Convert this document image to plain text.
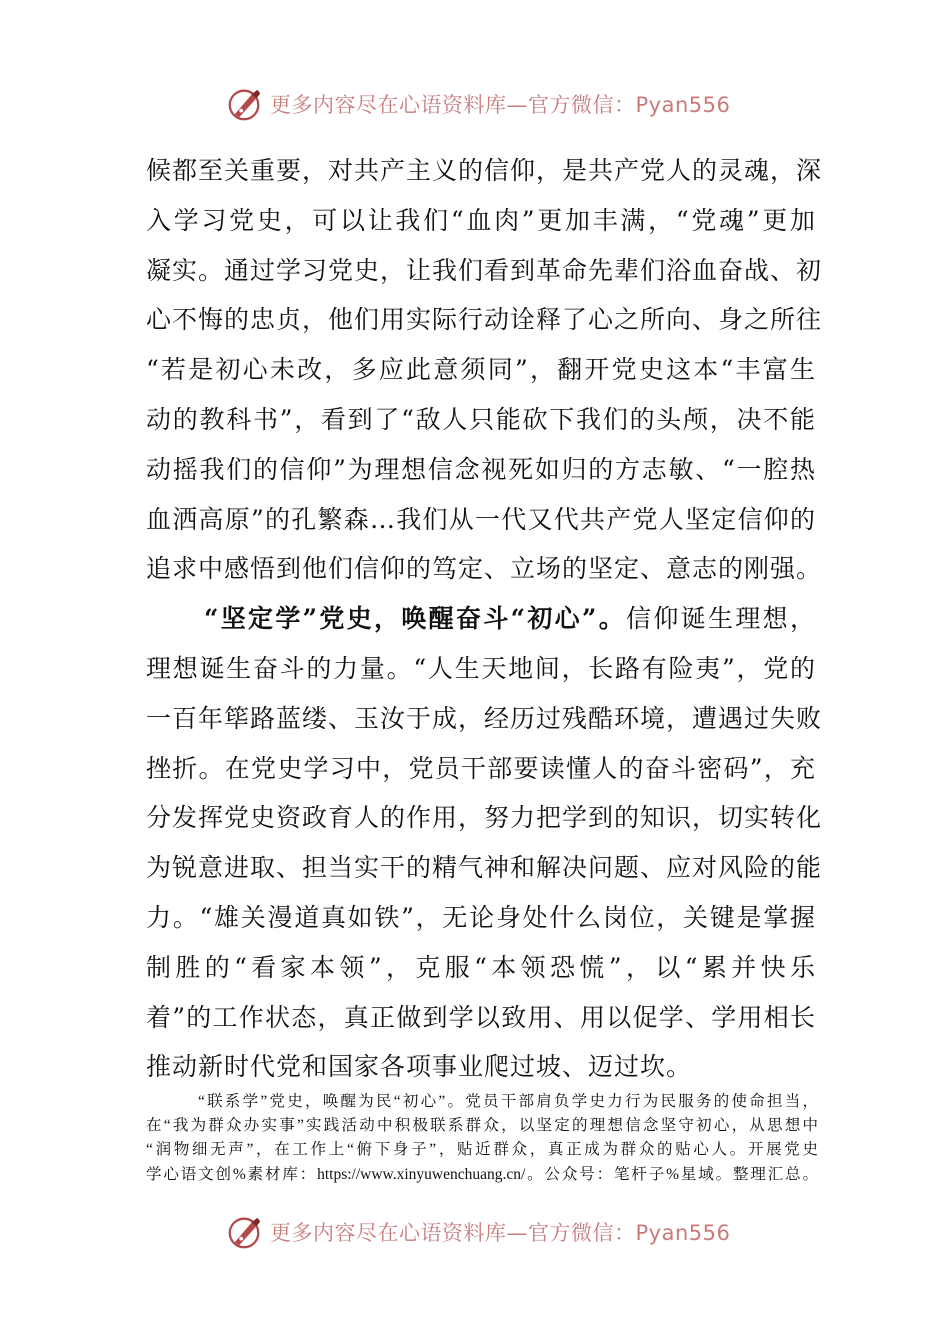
更多内容尽在心语资料库—官方微信：Pyan556
候都至关重要，对共产主义的信仰，是共产党人的灵魂，深
入学习党史，可以让我们“血肉”更加丰满，“党魂”更加
凝实。通过学习党史，让我们看到革命先辈们浴血奋战、初
心不悔的忠贞，他们用实际行动诠释了心之所向、身之所往
“若是初心未改，多应此意须同”，翻开党史这本“丰富生
动的教科书”，看到了“敌人只能砍下我们的头颅，决不能
动摇我们的信仰”为理想信念视死如归的方志敏、“一腔热
血洒高原”的孔繁森…我们从一代又代共产党人坚定信仰的
追求中感悟到他们信仰的笃定、立场的坚定、意志的刚强。
“坚定学”党史，唤醒奋斗“初心”。信仰诞生理想，
理想诞生奋斗的力量。“人生天地间，长路有险夷”，党的
一百年筚路蓝缕、玉汝于成，经历过残酷环境，遭遇过失败
挫折。在党史学习中，党员干部要读懂人的奋斗密码”，充
分发挥党史资政育人的作用，努力把学到的知识，切实转化
为锐意进取、担当实干的精气神和解决问题、应对风险的能
力。“雄关漫道真如铁”，无论身处什么岗位，关键是掌握
制胜的“看家本领”，克服“本领恐慌”，以“累并快乐
着”的工作状态，真正做到学以致用、用以促学、学用相长
推动新时代党和国家各项事业爬过坡、迈过坎。
“联系学”党史，唤醒为民“初心”。党员干部肩负学史力行为民服务的使命担当，
在“我为群众办实事”实践活动中积极联系群众，以坚定的理想信念坚守初心，从思想中
“润物细无声”，在工作上“俯下身子”，贴近群众，真正成为群众的贴心人。开展党史
学心语文创%素材库：https://www.xinyuwenchuang.cn/。公众号：笔杆子%星域。整理汇总。
更多内容尽在心语资料库—官方微信：Pyan556
